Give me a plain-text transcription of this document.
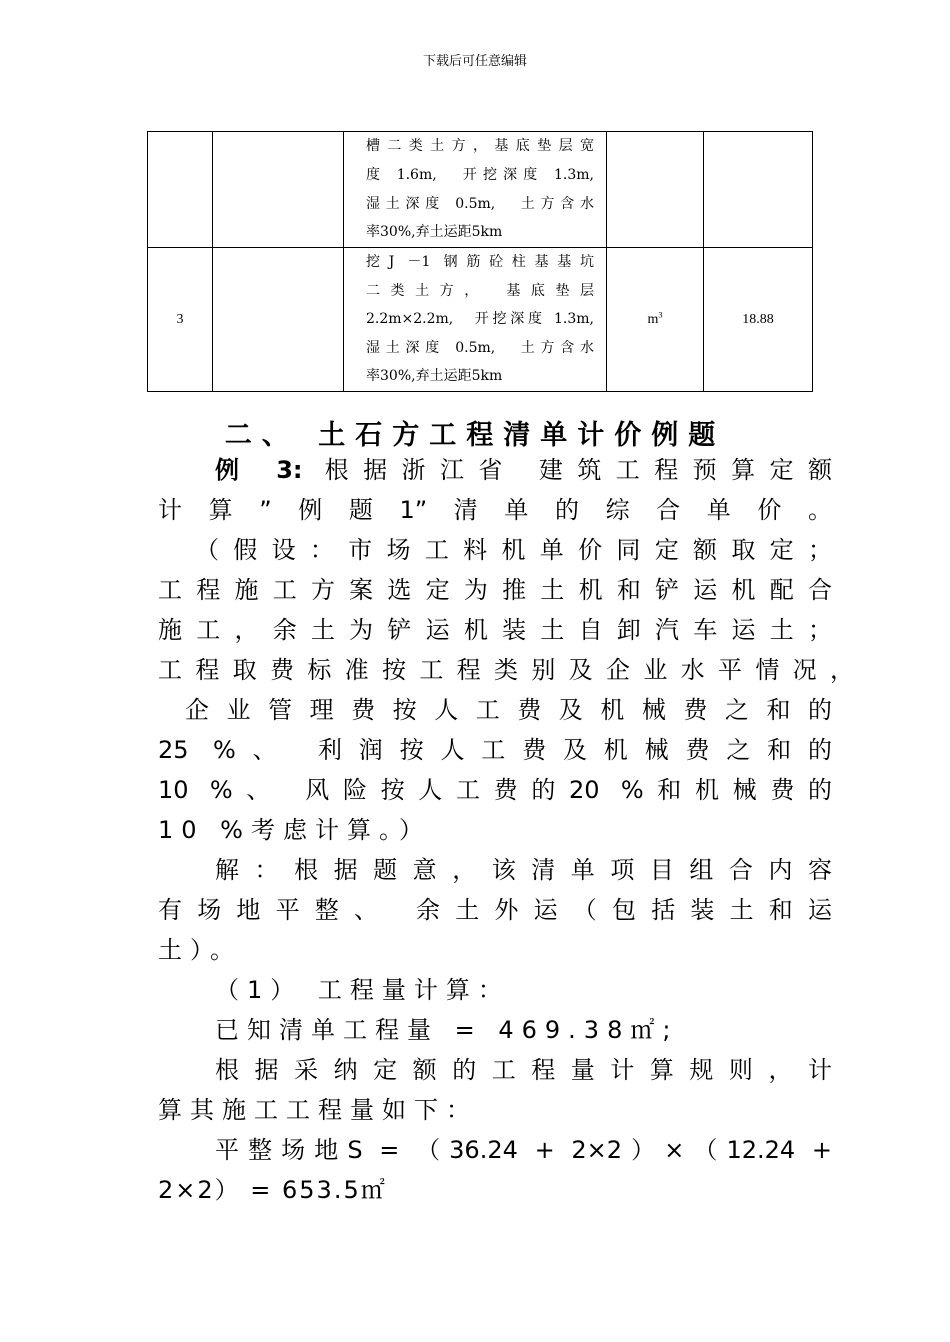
下载后可任意编辑

		槽二类土方，基底垫层宽
度 1.6m,　开挖深度 1.3m,
湿土深度 0.5m,　土方含水
率30%,弃土运距5km		

3		挖J －1 钢筋砼柱基基坑
二类土方，　基底垫层
2.2m×2.2m,　开挖深度 1.3m,
湿土深度 0.5m,　土方含水
率30%,弃土运距5km	$m^3$	18.88
二、 土石方工程清单计价例题
例 3: 根据浙江省 建筑工程预算定额
计算”例题1”清单的综合单价。
（假设：市场工料机单价同定额取定；
工程施工方案选定为推土机和铲运机配合
施工，余土为铲运机装土自卸汽车运土；
工程取费标准按工程类别及企业水平情况，
企业管理费按人工费及机械费之和的
25 %、 利润按人工费及机械费之和的
10 %、 风险按人工费的20 %和机械费的
10 %考虑计算。）
解：根据题意，该清单项目组合内容
有场地平整、 余土外运（包括装土和运
土）。
（1） 工程量计算：
已知清单工程量 = 469.38㎡;
根据采纳定额的工程量计算规则，计
算其施工工程量如下：
平整场地S = （36.24 + 2×2）×（12.24 +
2×2） = 653.5㎡
